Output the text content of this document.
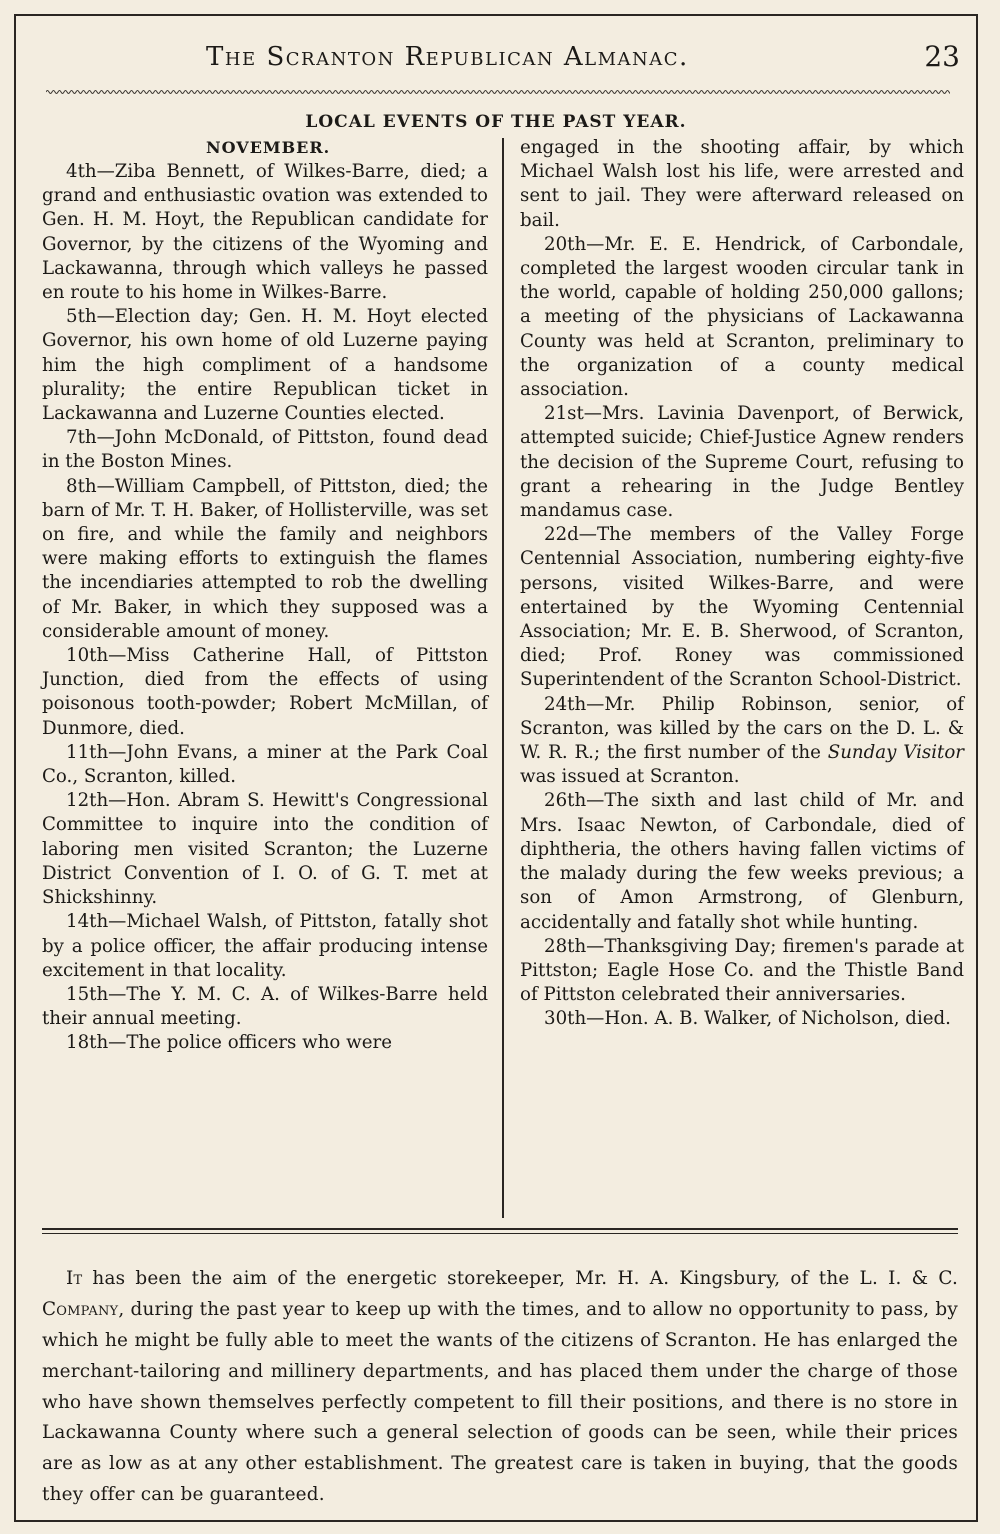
The Scranton Republican Almanac.	23
LOCAL EVENTS OF THE PAST YEAR.

NOVEMBER.

4th—Ziba Bennett, of Wilkes-Barre, died; a grand and enthusiastic ovation was extended to Gen. H. M. Hoyt, the Republican candidate for Governor, by the citizens of the Wyoming and Lackawanna, through which valleys he passed en route to his home in Wilkes-Barre.

5th—Election day; Gen. H. M. Hoyt elected Governor, his own home of old Luzerne paying him the high compliment of a handsome plurality; the entire Republican ticket in Lackawanna and Luzerne Counties elected.

7th—John McDonald, of Pittston, found dead in the Boston Mines.

8th—William Campbell, of Pittston, died; the barn of Mr. T. H. Baker, of Hollisterville, was set on fire, and while the family and neighbors were making efforts to extinguish the flames the incendiaries attempted to rob the dwelling of Mr. Baker, in which they supposed was a considerable amount of money.

10th—Miss Catherine Hall, of Pittston Junction, died from the effects of using poisonous tooth-powder; Robert McMillan, of Dunmore, died.

11th—John Evans, a miner at the Park Coal Co., Scranton, killed.

12th—Hon. Abram S. Hewitt's Congressional Committee to inquire into the condition of laboring men visited Scranton; the Luzerne District Convention of I. O. of G. T. met at Shickshinny.

14th—Michael Walsh, of Pittston, fatally shot by a police officer, the affair producing intense excitement in that locality.

15th—The Y. M. C. A. of Wilkes-Barre held their annual meeting.

18th—The police officers who were

engaged in the shooting affair, by which Michael Walsh lost his life, were arrested and sent to jail. They were afterward released on bail.

20th—Mr. E. E. Hendrick, of Carbondale, completed the largest wooden circular tank in the world, capable of holding 250,000 gallons; a meeting of the physicians of Lackawanna County was held at Scranton, preliminary to the organization of a county medical association.

21st—Mrs. Lavinia Davenport, of Berwick, attempted suicide; Chief-Justice Agnew renders the decision of the Supreme Court, refusing to grant a rehearing in the Judge Bentley mandamus case.

22d—The members of the Valley Forge Centennial Association, numbering eighty-five persons, visited Wilkes-Barre, and were entertained by the Wyoming Centennial Association; Mr. E. B. Sherwood, of Scranton, died; Prof. Roney was commissioned Superintendent of the Scranton School-District.

24th—Mr. Philip Robinson, senior, of Scranton, was killed by the cars on the D. L. & W. R. R.; the first number of the Sunday Visitor was issued at Scranton.

26th—The sixth and last child of Mr. and Mrs. Isaac Newton, of Carbondale, died of diphtheria, the others having fallen victims of the malady during the few weeks previous; a son of Amon Armstrong, of Glenburn, accidentally and fatally shot while hunting.

28th—Thanksgiving Day; firemen's parade at Pittston; Eagle Hose Co. and the Thistle Band of Pittston celebrated their anniversaries.

30th—Hon. A. B. Walker, of Nicholson, died.

It has been the aim of the energetic storekeeper, Mr. H. A. Kingsbury, of the L. I. & C. Company, during the past year to keep up with the times, and to allow no opportunity to pass, by which he might be fully able to meet the wants of the citizens of Scranton. He has enlarged the merchant-tailoring and millinery departments, and has placed them under the charge of those who have shown themselves perfectly competent to fill their positions, and there is no store in Lackawanna County where such a general selection of goods can be seen, while their prices are as low as at any other establishment. The greatest care is taken in buying, that the goods they offer can be guaranteed.
